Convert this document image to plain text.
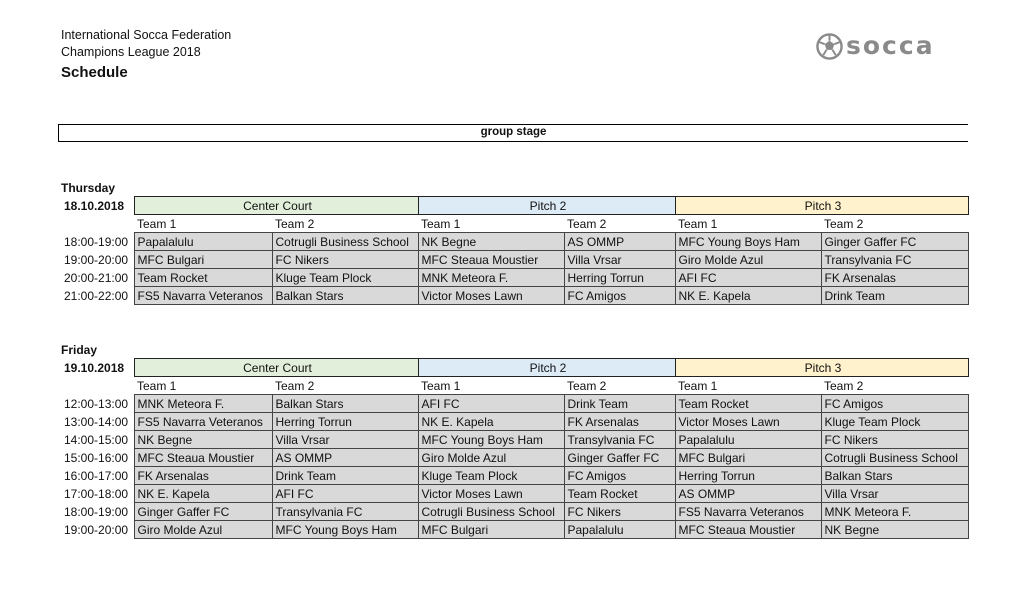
International Socca Federation
Champions League 2018
Schedule
socca
group stage
Thursday
18.10.2018	Center Court		Pitch 2		Pitch 3	
	Team 1	Team 2	Team 1	Team 2	Team 1	Team 2
18:00-19:00	Papalalulu	Cotrugli Business School	NK Begne	AS OMMP	MFC Young Boys Ham	Ginger Gaffer FC
19:00-20:00	MFC Bulgari	FC Nikers	MFC Steaua Moustier	Villa Vrsar	Giro Molde Azul	Transylvania FC
20:00-21:00	Team Rocket	Kluge Team Plock	MNK Meteora F.	Herring Torrun	AFI FC	FK Arsenalas
21:00-22:00	FS5 Navarra Veteranos	Balkan Stars	Victor Moses Lawn	FC Amigos	NK E. Kapela	Drink Team
Friday
19.10.2018	Center Court		Pitch 2		Pitch 3	
	Team 1	Team 2	Team 1	Team 2	Team 1	Team 2
12:00-13:00	MNK Meteora F.	Balkan Stars	AFI FC	Drink Team	Team Rocket	FC Amigos
13:00-14:00	FS5 Navarra Veteranos	Herring Torrun	NK E. Kapela	FK Arsenalas	Victor Moses Lawn	Kluge Team Plock
14:00-15:00	NK Begne	Villa Vrsar	MFC Young Boys Ham	Transylvania FC	Papalalulu	FC Nikers
15:00-16:00	MFC Steaua Moustier	AS OMMP	Giro Molde Azul	Ginger Gaffer FC	MFC Bulgari	Cotrugli Business School
16:00-17:00	FK Arsenalas	Drink Team	Kluge Team Plock	FC Amigos	Herring Torrun	Balkan Stars
17:00-18:00	NK E. Kapela	AFI FC	Victor Moses Lawn	Team Rocket	AS OMMP	Villa Vrsar
18:00-19:00	Ginger Gaffer FC	Transylvania FC	Cotrugli Business School	FC Nikers	FS5 Navarra Veteranos	MNK Meteora F.
19:00-20:00	Giro Molde Azul	MFC Young Boys Ham	MFC Bulgari	Papalalulu	MFC Steaua Moustier	NK Begne
